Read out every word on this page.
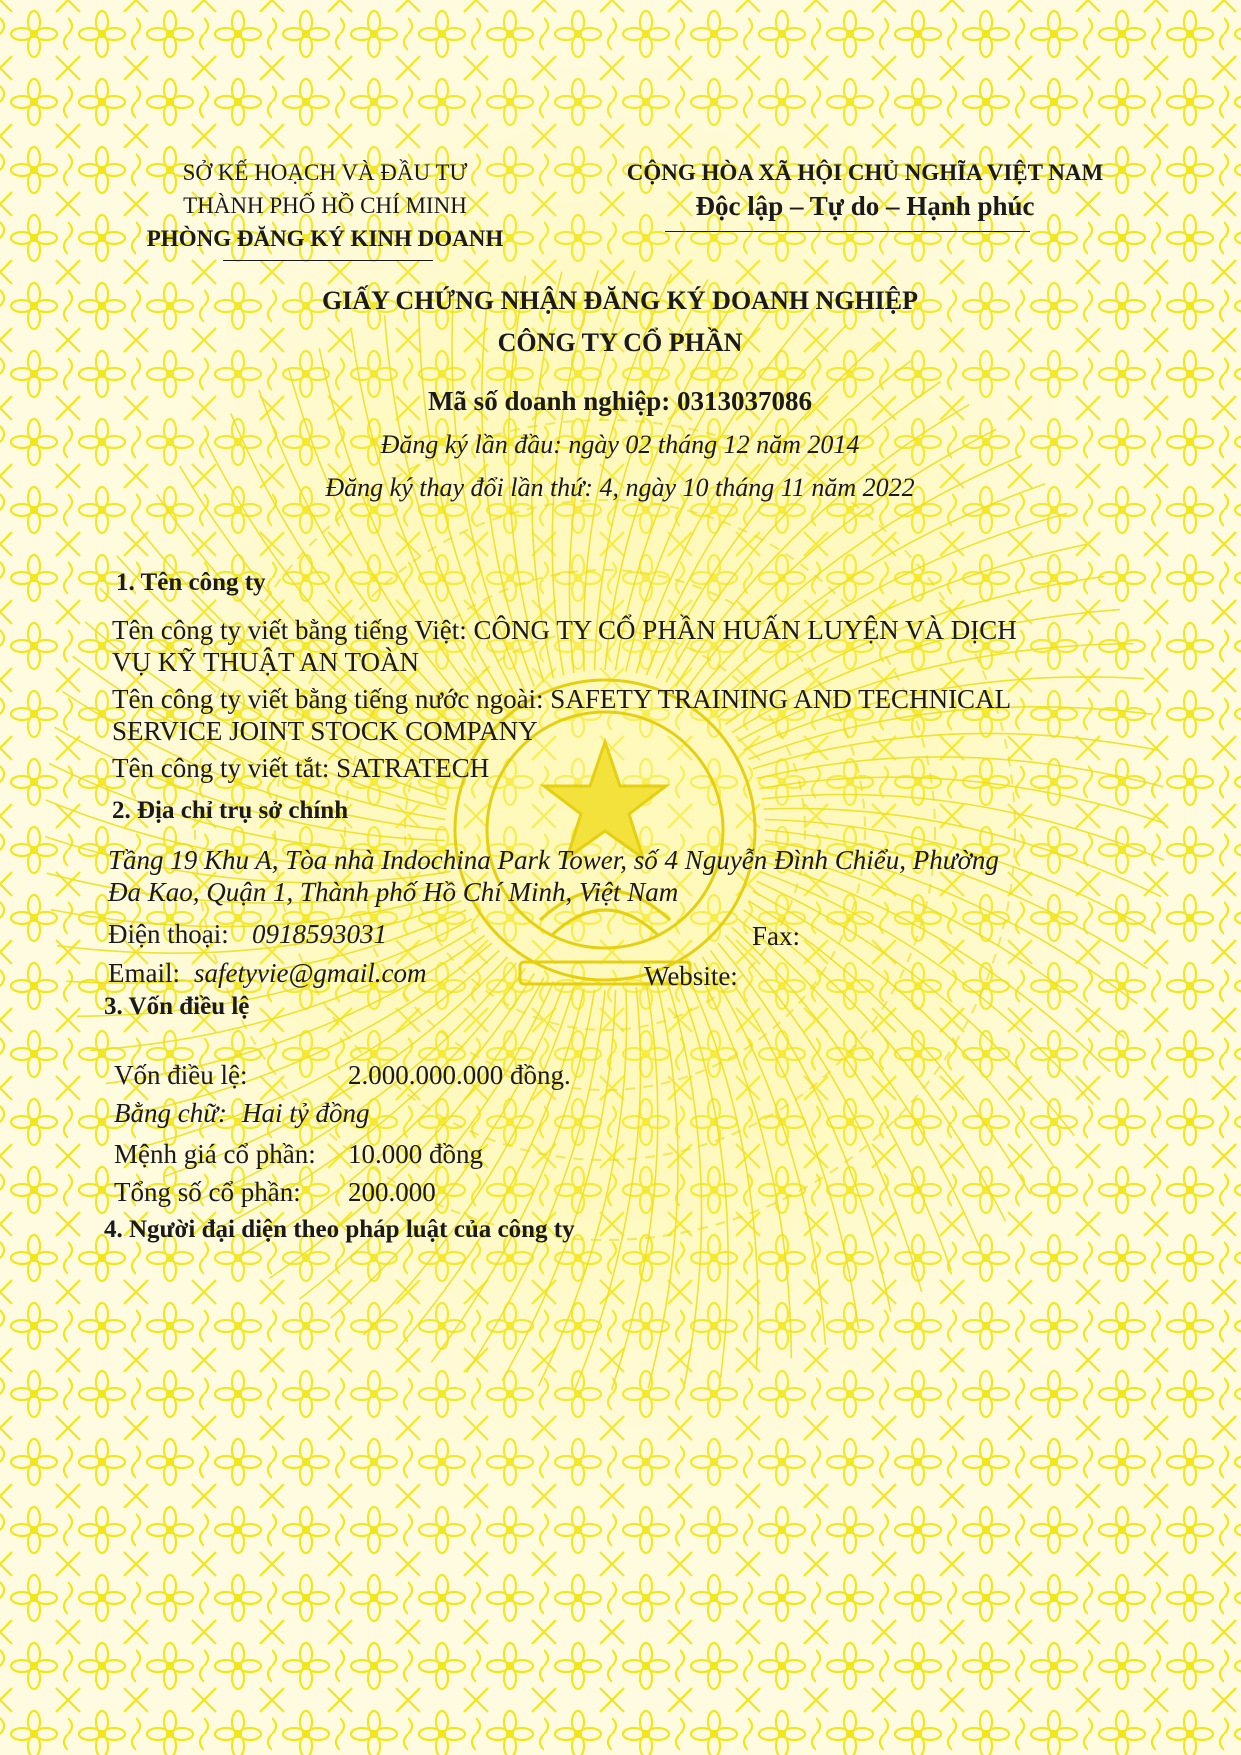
SỞ KẾ HOẠCH VÀ ĐẦU TƯ
THÀNH PHỐ HỒ CHÍ MINH
PHÒNG ĐĂNG KÝ KINH DOANH
CỘNG HÒA XÃ HỘI CHỦ NGHĨA VIỆT NAM
Độc lập – Tự do – Hạnh phúc
GIẤY CHỨNG NHẬN ĐĂNG KÝ DOANH NGHIỆP
CÔNG TY CỔ PHẦN
Mã số doanh nghiệp: 0313037086
Đăng ký lần đầu: ngày 02 tháng 12 năm 2014
Đăng ký thay đổi lần thứ: 4, ngày 10 tháng 11 năm 2022
1. Tên công ty
Tên công ty viết bằng tiếng Việt: CÔNG TY CỔ PHẦN HUẤN LUYỆN VÀ DỊCH
VỤ KỸ THUẬT AN TOÀN
Tên công ty viết bằng tiếng nước ngoài: SAFETY TRAINING AND TECHNICAL
SERVICE JOINT STOCK COMPANY
Tên công ty viết tắt: SATRATECH
2. Địa chỉ trụ sở chính
Tầng 19 Khu A, Tòa nhà Indochina Park Tower, số 4 Nguyễn Đình Chiểu, Phường
Đa Kao, Quận 1, Thành phố Hồ Chí Minh, Việt Nam
Điện thoại: 0918593031	Fax:
Email: safetyvie@gmail.com	Website:
3. Vốn điều lệ
Vốn điều lệ:	2.000.000.000 đồng.
Bằng chữ: Hai tỷ đồng
Mệnh giá cổ phần: 10.000 đồng
Tổng số cổ phần: 200.000
4. Người đại diện theo pháp luật của công ty
